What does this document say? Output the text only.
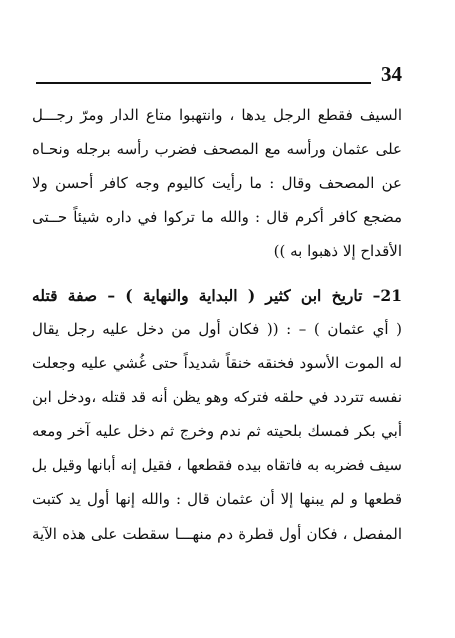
34
السيف فقطع الرجل يدها ، وانتهبوا متاع الدار ومرّ رجـــل
على عثمان ورأسه مع المصحف فضرب رأسه برجله ونحـاه
عن المصحف وقال : ما رأيت كاليوم وجه كافر أحسن ولا
مضجع كافر أكرم قال : والله ما تركوا في داره شيئاً حــتى
الأقداح إلا ذهبوا به ))
21– تاريخ ابن كثير ( البداية والنهاية ) – صفة قتله
( أي عثمان ) – : (( فكان أول من دخل عليه رجل يقال
له الموت الأسود فخنقه خنقاً شديداً حتى غُشي عليه وجعلت
نفسه تتردد في حلقه فتركه وهو يظن أنه قد قتله ،ودخل ابن
أبي بكر فمسك بلحيته ثم ندم وخرج ثم دخل عليه آخر ومعه
سيف فضربه به فاتقاه بيده فقطعها ، فقيل إنه أبانها وقيل بل
قطعها و لم يبنها إلا أن عثمان قال : والله إنها أول يد كتبت
المفصل ، فكان أول قطرة دم منهـــا سقطت على هذه الآية
